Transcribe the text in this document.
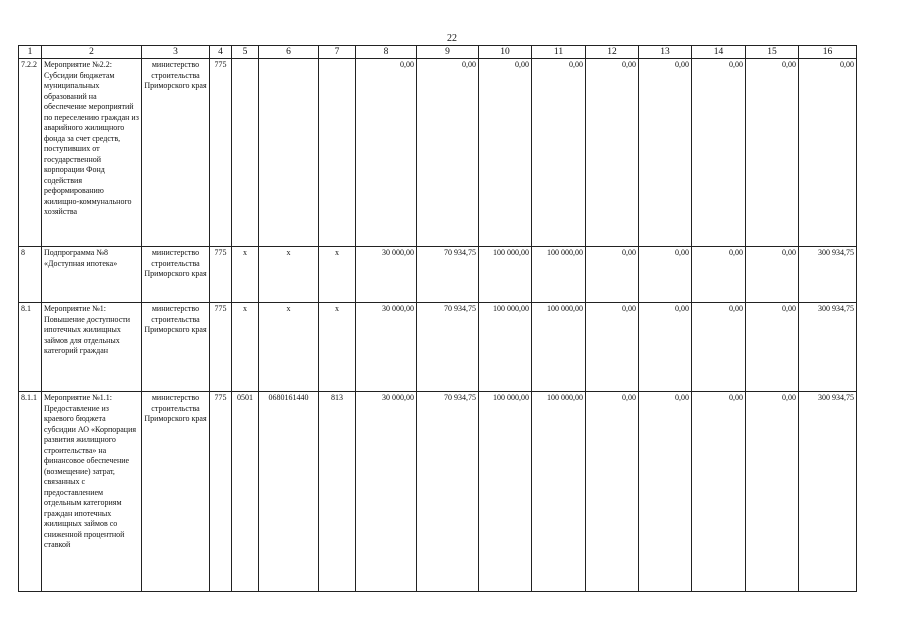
22
1	2	3	4	5	6	7	8	9	10	11	12	13	14	15	16
7.2.2	Мероприятие №2.2: Субсидии бюджетам муниципальных образований на обеспечение мероприятий по переселению граждан из аварийного жилищного фонда за счет средств, поступивших от государственной корпорации Фонд содействия реформированию жилищно-коммунального хозяйства	министерство строительства Приморского края	775				0,00	0,00	0,00	0,00	0,00	0,00	0,00	0,00	0,00
8	Подпрограмма №8 «Доступная ипотека»	министерство строительства Приморского края	775	x	x	x	30 000,00	70 934,75	100 000,00	100 000,00	0,00	0,00	0,00	0,00	300 934,75
8.1	Мероприятие №1: Повышение доступности ипотечных жилищных займов для отдельных категорий граждан	министерство строительства Приморского края	775	x	x	x	30 000,00	70 934,75	100 000,00	100 000,00	0,00	0,00	0,00	0,00	300 934,75
8.1.1	Мероприятие №1.1: Предоставление из краевого бюджета субсидии АО «Корпорация развития жилищного строительства» на финансовое обеспечение (возмещение) затрат, связанных с предоставлением отдельным категориям граждан ипотечных жилищных займов со сниженной процентной ставкой	министерство строительства Приморского края	775	0501	0680161440	813	30 000,00	70 934,75	100 000,00	100 000,00	0,00	0,00	0,00	0,00	300 934,75
